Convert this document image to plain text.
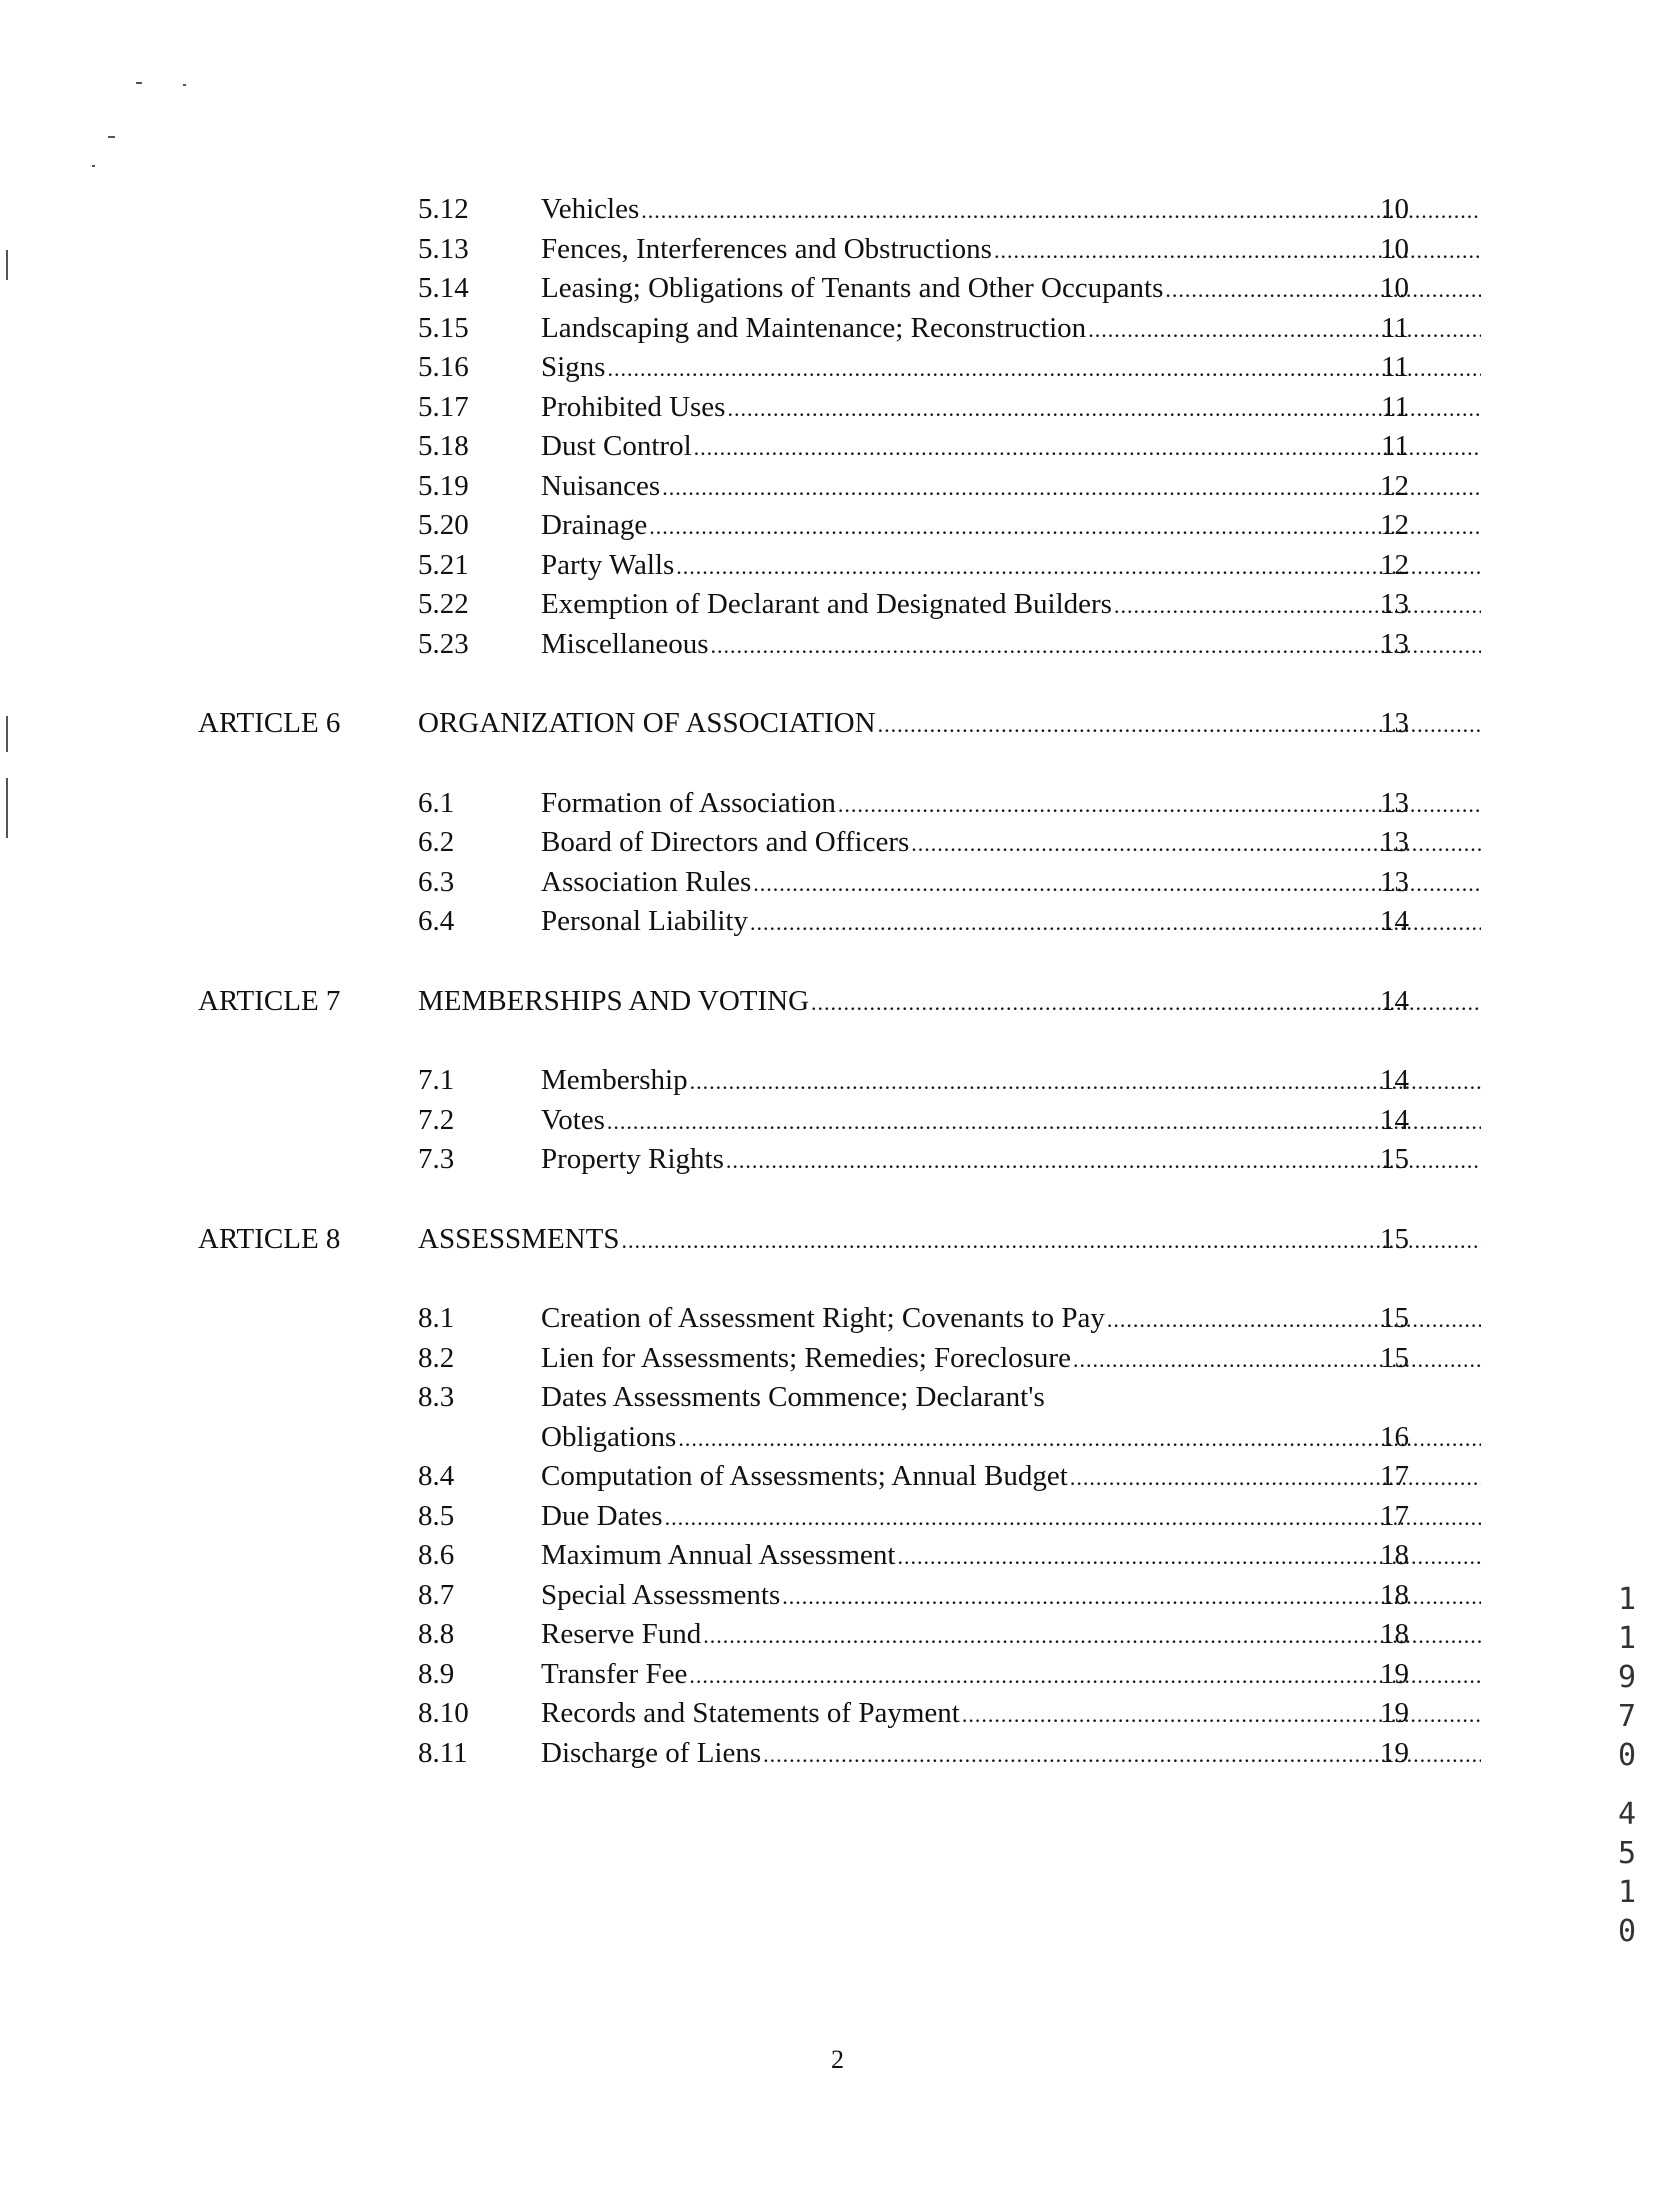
5.12 Vehicles .....	10
5.13 Fences, Interferences and Obstructions .....	10
5.14 Leasing; Obligations of Tenants and Other Occupants .....	10
5.15 Landscaping and Maintenance; Reconstruction .....	11
5.16 Signs .....	11
5.17 Prohibited Uses .....	11
5.18 Dust Control .....	11
5.19 Nuisances .....	12
5.20 Drainage .....	12
5.21 Party Walls .....	12
5.22 Exemption of Declarant and Designated Builders .....	13
5.23 Miscellaneous .....	13
ARTICLE 6	ORGANIZATION OF ASSOCIATION .....	13
6.1	Formation of Association .....	13
6.2	Board of Directors and Officers .....	13
6.3	Association Rules .....	13
6.4	Personal Liability .....	14
ARTICLE 7	MEMBERSHIPS AND VOTING .....	14
7.1	Membership .....	14
7.2	Votes .....	14
7.3	Property Rights .....	15
ARTICLE 8	ASSESSMENTS .....	15
8.1	Creation of Assessment Right; Covenants to Pay .....	15
8.2	Lien for Assessments; Remedies; Foreclosure .....	15
8.3	Dates Assessments Commence; Declarant's
Obligations .....	16
8.4	Computation of Assessments; Annual Budget .....	17
8.5	Due Dates .....	17
8.6	Maximum Annual Assessment .....	18
8.7	Special Assessments .....	18
8.8	Reserve Fund .....	18
8.9	Transfer Fee .....	19
8.10 Records and Statements of Payment .....	19
8.11	Discharge of Liens .....	19
1
1
9
7
0
4
5
1
0
2
